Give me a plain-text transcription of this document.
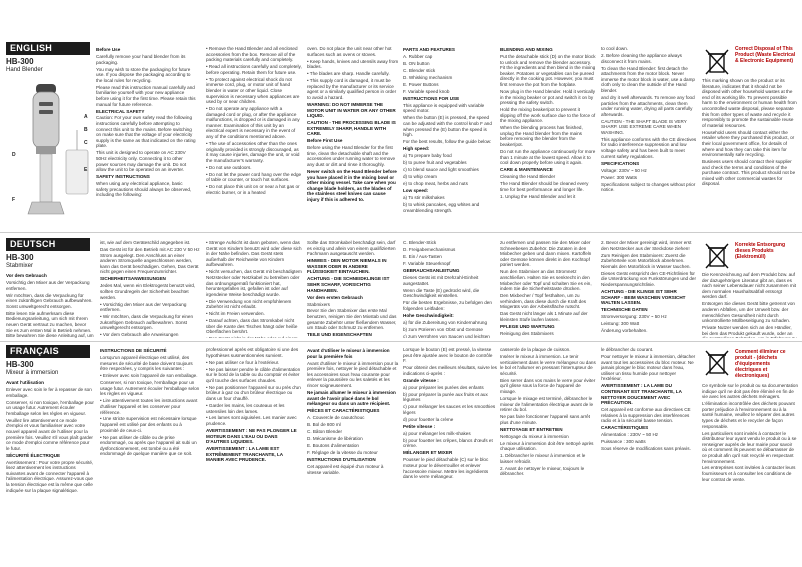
ENGLISH
HB-300
Hand Blender
A
B
C
D
E
F

Before Use

Carefully remove your hand blender from its packaging.

You may wish to store the packaging for future use. If you dispose the packaging according to the local rules for recycling.

Please read this instruction manual carefully and familiarise yourself with your new appliance before using it for the first time. Please retain this manual for future reference.

ELECTRICAL SAFETY

Caution: For your own safety read the following instructions carefully before attempting to connect this unit to the mains. Before switching on make sure that the voltage of your electricity supply is the same as that indicated on the rating plate.

This unit is designed to operate on AC 230V 50Hz electricity only. Connecting it to other power sources may damage the unit. Do not allow the unit to be operated on an inverter.

SAFETY INSTRUCTIONS

When using any electrical appliance, basic safety precautions should always be observed, including the following:

• Remove the Hand Blender and all enclosed accessories from the box. Remove all of the packing materials carefully and completely.

• Read all instructions carefully and completely, before operating. Retain them for future use.

• To protect against electrical shock do not immerse cord, plug, or motor unit of hand blender in water or other liquid. Close supervision is necessary when appliances are used by or near children.

• Do not operate any appliance with a damaged cord or plug, or after the appliance malfunctions, is dropped or is damaged in any manner. Examination of this unit by an electrical expert is necessary in the event of any of the conditions mentioned above.

• The use of accessories other than the ones originally provided is strongly discouraged, as it may cause injuries, damage the unit, or void the manufacturer's warranty.

• Do not use outdoors.

• Do not let the power cord hang over the edge of table or counter, or touch hot surfaces.

• Do not place this unit on or near a hot gas or electric burner, or in a heated

oven. Do not place the unit near other hot surfaces such as ovens or stoves.

• Keep hands, knives and utensils away from blades.

• The blades are sharp. Handle carefully.

• This supply cord is damaged, it must be replaced by the manufacturer or its service agent or a similarly qualified person in order to avoid a hazard.

WARNING: DO NOT IMMERSE THE MOTOR UNIT IN WATER OR ANY OTHER LIQUID.

CAUTION - THE PROCESSING BLADE IS EXTREMELY SHARP, HANDLE WITH CARE.

Before First Use

Before using the Hand Blender for the first time, clean the detachable shaft and the accessories under running water to remove any dust or dirt and rinse it thoroughly.

Never switch on the Hand Blender before you have placed it in the mixing bowl or other mixing vessel. Take care when you change blade holders, as the blades of the stainless steel knives can cause injury if this is adhered to.

PARTS AND FEATURES

A. Rubber cap

B. ON button

C. Blender stick

D. Whisking mechanism

E. Power Buttons

F. Variable speed knob

INSTRUCTIONS FOR USE

This appliance is equipped with variable speed motor.

When the button (E) is pressed, the speed can be adjusted with the control knob F and when pressed the (E) button the speed is high.

For the best results, follow the guide below:

High speed:

a) To prepare baby food

b) to puree fruit and vegetables

c) to blend sauce and light smoothies

d) to whip cream

e) to chop meat, herbs and nuts

Low speed:

a) To stir milkshakes

b) to whisk pancakes, egg whites and creamblending strength.

BLENDING AND MIXING

Put the detachable stick (D) on the motor block to unlock and remove the blender accessory. Fit the ingredients and then blend in the mixing beaker. Potatoes or vegetables can be pureed directly in the cooking pot. However, you must first remove the pot from the hotplate.

Now plug in the Hand blender. Hold it vertically in the mixing beaker or pot and switch it on by pressing the safety switch.

Hold the mixing beaker/pot to prevent it slipping off the work surface due to the force of the mixing appliance.

When the blending process has finished, unplug the Hand blender from the mains before removing the blender from the beaker/pot.

Do not run the appliance continuously for more than 1 minute at the lowest speed. Allow it to cool down properly before using it again.

CARE & MAINTENANCE

Cleaning the Hand Blender

The Hand Blender should be cleaned every time for best performance and longer life.

1. Unplug the Hand Blender and let it

to cool down.

2. Before cleaning the appliance always disconnect it from mains.

To clean the Hand Blender: first detach the attachments from the motor block. Never immerse the motor block in water, use a damp cloth only to clean the outside of the Hand blender.

and dry it well afterwards. To remove any food particles from the attachments, clean them under running water, drying all parts carefully afterwards.

CAUTION - THE SHAFT BLADE IS VERY SHARP. USE EXTREME CARE WHEN WASHING.

This appliance conforms with the CE directives for radio interference suppression and low voltage safety and has been built to meet current safety regulations.

SPECIFICATIONS

Voltage: 230V ~ 50 Hz

Power: 300 Watts

Specifications subject to changes without prior notice.

Correct Disposal of This Product (Waste Electrical & Electronic Equipment)

This marking shown on the product or its literature, indicates that it should not be disposed with other household wastes at the end of its working life. To prevent possible harm to the environment or human health from uncontrolled waste disposal, please separate this from other types of waste and recycle it responsibly to promote the sustainable reuse of material resources.

Household users should contact either the retailer where they purchased this product, or their local government office, for details of where and how they can take this item for environmentally safe recycling.

Business users should contact their supplier and check the terms and conditions of the purchase contract. This product should not be mixed with other commercial wastes for disposal.

DEUTSCH
HB-300
Stabmixer

Vor dem Gebrauch

Vorsichtig den Mixer aus der Verpackung entfernen.

Wir möchten, dass die Verpackung für einen zukünftigen Gebrauch aufbewahren. Sonst umweltgerecht entsorgen.

Bitte lesen Sie aufmerksam diese Bedienungsanleitung, um sich mit Ihrem neuen Gerät vertraut zu machen, bevor Sie es zum ersten Mal in Betrieb nehmen. Bitte bewahren Sie diese Anleitung auf, um

ist, wie auf dem Geräteschild angegeben ist.

Das Gerät ist für den Betrieb mit AC 230 V 50 Hz Strom ausgelegt. Den Anschluss an einer anderen Stromquelle angeschlossen werden, kann das Gerät beschädigen. Gehen, Das Gerät nicht gegen einen Frequenzumrichter.

SICHERHEITSANWEISUNGEN

Jedes Mal, wenn ein Elektrogerät benutzt wird, sollten Grundregeln der Sicherheit beachtet werden.

• Vorsichtig den Mixer aus der Verpackung entfernen.

• Wir möchten, dass die Verpackung für einen zukünftigen Gebrauch aufbewahren. Sonst umweltgerecht entsorgen.

• Vor dem Gebrauch alle Anweisungen

• Strenge Aufsicht ist dann geboten, wenn das Gerät von Kindern benutzt wird oder diese sich in der Nähe befinden. Das Gerät stets außerhalb der Reichweite von Kindern aufbewahren.

• Nicht versuchen, das Gerät mit beschädigtem Netzstecker oder Netzkabel zu betreiben oder das ordnungsgemäß funktioniert hat, heruntergefallen ist, gefallen ist oder auf irgendeine Weise beschädigt wurde.

• Die Verwendung von nicht empfohlenem Zubehör ist nicht erlaubt.

• Nicht im Freien verwenden.

• Darauf achten, dass das Stromkabel nicht über die Kante des Tisches hängt oder heiße Oberflächen berührt.

Sollte das Stromkabel beschädigt sein, darf es einzig und allein von einem qualifizierten Fachmann ausgetauscht werden.

HINWEIS - DEN MOTOR NIEMALS IN WASSER ODER IN ANDERE FLÜSSIGKEIT EINTAUCHEN.

ACHTUNG - DIE SCHNEIDKLINGE IST SEHR SCHARF, VORSICHTIG HANDHABEN.

Vor dem ersten Gebrauch

Stabmixers

Bevor Sie den Stabmixer das erste Mal benutzen, reinigen Sie den Mixstab und das gesamte Zubehör unter fließendem Wasser, um Staub oder Schmutz zu entfernen.

TEILE UND EIGENSCHAFTEN

C. Blender-Stick

D. Freigabemechanismus

E. Ein / Aus-Tasten

F. Variable Steuerknopf

GEBRAUCHSANLEITUNG

Dieses Gerät ist mit Drehzahl-Einheit ausgestattet.

Wenn die Taste (E) gedrückt wird, die Geschwindigkeit einstellen.

Für die besten Ergebnisse, zu befolgen den folgenden Leitfaden:

Hohe Geschwindigkeit:

a) für die Zubereitung von Kindernahrung

b) zum Pürieren von Obst und Gemüse

c) zum Verrühren von Saucen und leichten

zu entfernen und passen Sie den Mixer oder Schneebesen Zubehör. Die Zutaten in den Mixbecher geben und dann mixen. Kartoffeln oder Gemüse können direkt in den Kochtopf püriert werden.

Nun den Stabmixer an das Stromnetz anschließen. Halten Sie es senkrecht in den Mixbecher oder Topf und schalten Sie es ein, indem Sie die Sicherheitstaste drücken.

Den Mixbecher / Topf festhalten, um zu verhindern, dass diese durch die Kraft des Mixgeräts von der Arbeitsfläche rutscht.

Das Gerät nicht länger als 1 Minute auf der kleinsten Stufe laufen lassen.

PFLEGE UND WARTUNG

Reinigung des Stabmixers

2. Bevor der Mixer gereinigt wird, immer erst den Netzstecker aus der Steckdose ziehen!

Zum Reinigen des Stabmixers: Zuerst die Zubehörteile vom Motorblock abnehmen. Niemals den Motorblock in Wasser tauchen.

Dieses Gerät entspricht den CE-Richtlinien für die Unterdrückung von Funkstörungen und der Niederspannungsrichtlinie.

ACHTUNG - DIE KLINGE IST SEHR SCHARF - BEIM WASCHEN VORSICHT WALTEN LASSEN.

TECHNISCHE DATEN

Stromversorgung: 230V ~ 50 Hz

Leistung: 300 Watt

Änderung vorbehalten.

Korrekte Entsorgung dieses Produkts (Elektromüll)

Die Kennzeichnung auf dem Produkt bzw. auf der dazugehörigen Literatur gibt an, dass es nach seiner Lebensdauer nicht zusammen mit dem normalen Haushaltsabfall entsorgt werden darf.

Entsorgen Sie dieses Gerät bitte getrennt von anderen Abfällen, um der Umwelt bzw. der menschlichen Gesundheit nicht durch unkontrollierte Müllbeseitigung zu schaden.

Private Nutzer wenden sich an den Händler, bei dem das Produkt gekauft wurde, oder an

FRANÇAIS
HB-300
Mixeur à immersion

Avant l'utilisation

Enlever avec soin le fer à repasser de son emballage.

Conserver, si non toxique, l'emballage pour un usage futur. Autrement écouler l'emballage selon les règles en vigueur.

Veuillez lire attentivement ce mode d'emploi et vous familiariser avec votre nouvel appareil avant de l'utiliser pour la première fois. Veuillez s'il vous plaît garder ce mode d'emploi comme référence pour le futur.

SÉCURITÉ ÉLECTRIQUE

Avertissement : Pour votre propre sécurité, lisez attentivement les instructions suivantes avant de connecter l'appareil à l'alimentation électrique. Assurez-vous que la tension électrique est la même que celle indiquée sur la plaque signalétique.

INSTRUCTIONS DE SÉCURITÉ

Lorsqu'un appareil électrique est utilisé, des mesures de sécurité de base doivent toujours être respectées, y compris les suivantes :

• Enlever avec soin l'appareil de son emballage.

Conserver, si non toxique, l'emballage pour un usage futur. Autrement écouler l'emballage selon les règles en vigueur.

• Lire attentivement toutes les instructions avant d'utiliser l'appareil et les conserver pour référence.

• Une stricte supervision est nécessaire lorsque l'appareil est utilisé par des enfants ou à proximité de ceux-ci.

• Ne pas utiliser de câble ou de prise endommagé, ou après que l'appareil ait subi un dysfonctionnement, est tombé ou a été endommagé de quelque manière que ce soit.

professionnel après est obligatoire si une des hypothèses susmentionnées survient.

• Ne pas utiliser ce four à l'extérieur.

• Ne pas laisser pendre le câble d'alimentation sur le bord de la table ou du comptoir et éviter qu'il touche des surfaces chaudes.

• Ne pas positionner l'appareil sur ou près d'un brûleur à gaz ou d'un brûleur électrique ou dans un four chauffé.

• Garder les mains, les couteaux et les ustensiles loin des lames.

• Les lames sont aiguisées. Les manier avec prudence.

AVERTISSEMENT : NE PAS PLONGER LE MOTEUR DANS L'EAU OU DANS D'AUTRES LIQUIDES.

AVERTISSEMENT : LA LAME EST EXTRÊMEMENT TRANCHANTE, LA MANIER AVEC PRUDENCE.

Avant d'utiliser le mixeur à immersion pour la première fois

Avant d'utiliser le mixeur à immersion pour la première fois, nettoyer le pied détachable et les accessoires sous l'eau courante pour enlever la poussière ou les saletés et les rincer soigneusement.

Ne jamais allumer le mixeur à immersion avant de l'avoir placé dans le bol mélangeur ou dans un autre récipient.

PIÈCES ET CARACTÉRISTIQUES

A. Couvercle de caoutchouc

B. Bol de 800 ml

C. Bâton Blender

D. Mécanisme de libération

E. Boutons d'alimentation

F. Réglage de la vitesse du moteur

INSTRUCTIONS D'UTILISATION

Cet appareil est équipé d'un moteur à vitesse variable.

Lorsque le bouton (E) est pressé, la vitesse peut être ajustée avec le bouton de contrôle F.

Pour obtenir des meilleurs résultats, suivre les indications ci-après :

Grande vitesse :

a) pour préparer les purées des enfants

b) pour préparer la purée aux fruits et aux légumes

c) pour mélanger les sauces et les smoothies légers

d) pour fouetter la crème

Petite vitesse :

a) pour mélanger les milk-shakes

b) pour fouetter les crêpes, blancs d'œufs et crème.

MÉLANGER ET MIXER

Pousser le pied détachable (C) sur le bloc moteur pour le déverrouiller et enlever l'accessoire mixeur. Mettre les ingrédients dans le verre mélangeur.

casserole de la plaque de cuisson.

Insérer le mixeur à immersion. Le tenir verticalement dans le verre mélangeur ou dans le bol et l'allumer en pressant l'interrupteur de sécurité.

Bien serrer dans vos mains le verre pour éviter qu'il glisse sous la force de l'appareil de mixage.

Lorsque le mixage est terminé, débrancher le mixeur de l'alimentation électrique avant de le retirer du bol.

Ne pas faire fonctionner l'appareil sans arrêt plus d'une minute.

NETTOYAGE ET ENTRETIEN

Nettoyage du mixeur à immersion

Le mixeur à immersion doit être nettoyé après chaque utilisation.

1. Débrancher le mixeur à immersion et le laisser refroidir.

2. Avant de nettoyer le mixeur, toujours le débrancher.

le débrancher du courant.

Pour nettoyer le mixeur à immersion, détacher avant tout les accessoires du bloc moteur. Ne jamais plonger le bloc moteur dans l'eau, utiliser un tissu humide pour nettoyer l'extérieur.

AVERTISSEMENT : LA LAME DU CONTENANT EST TRANCHANTE, LA NETTOYER DOUCEMENT AVEC PRÉCAUTION.

Cet appareil est conforme aux directives CE relatives à la suppression des interférences radio et à la sécurité basse tension.

CARACTÉRISTIQUES

Alimentation : 230V ~ 50 Hz

Puissance : 300 watts

Sous réserve de modifications sans préavis.

Comment éliminer ce produit - (déchets d'équipements électriques et électroniques)

Ce symbole sur le produit ou sa documentation indique qu'il ne doit pas être éliminé en fin de vie avec les autres déchets ménagers.

L'élimination incontrôlée des déchets pouvant porter préjudice à l'environnement ou à la santé humaine, veuillez le séparer des autres types de déchets et le recycler de façon responsable.

Les particuliers sont invités à contacter le distributeur leur ayant vendu le produit ou à se renseigner auprès de leur mairie pour savoir où et comment ils peuvent se débarrasser de ce produit afin qu'il soit recyclé en respectant l'environnement.

Les entreprises sont invitées à contacter leurs fournisseurs et à consulter les conditions de leur contrat de vente.
